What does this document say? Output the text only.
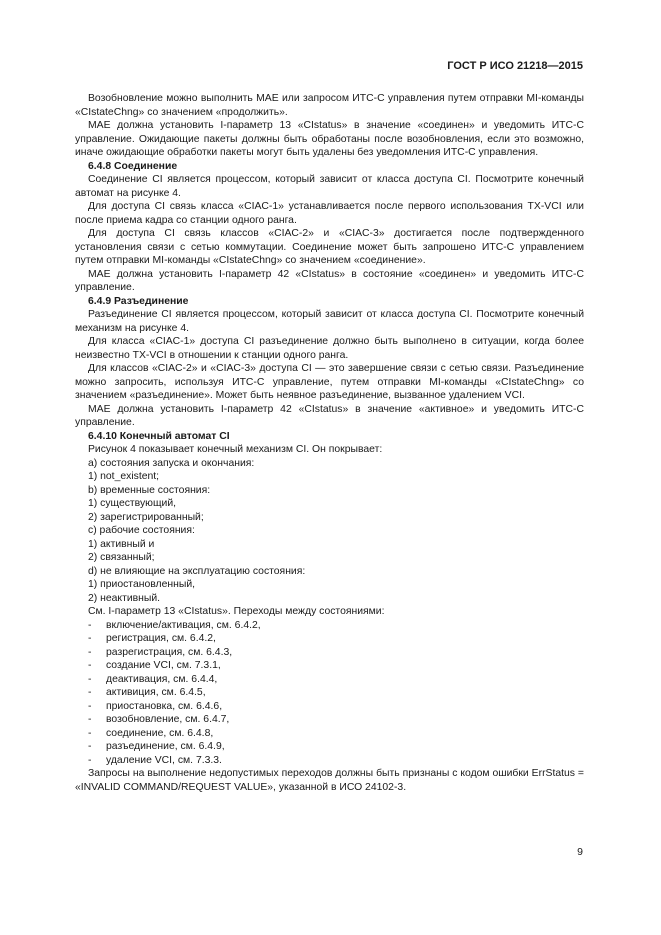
ГОСТ Р ИСО 21218—2015

Возобновление можно выполнить MAE или запросом ИТС-С управления путем отправки MI-команды «CIstateChng» со значением «продолжить».

MAE должна установить I-параметр 13 «CIstatus» в значение «соединен» и уведомить ИТС-С управление. Ожидающие пакеты должны быть обработаны после возобновления, если это возможно, иначе ожидающие обработки пакеты могут быть удалены без уведомления ИТС-С управления.

6.4.8 Соединение

Соединение CI является процессом, который зависит от класса доступа CI. Посмотрите конечный автомат на рисунке 4.

Для доступа CI связь класса «CIAC-1» устанавливается после первого использования TX-VCI или после приема кадра со станции одного ранга.

Для доступа CI связь классов «CIAC-2» и «CIAC-3» достигается после подтвержденного установления связи с сетью коммутации. Соединение может быть запрошено ИТС-С управлением путем отправки MI-команды «CIstateChng» со значением «соединение».

MAE должна установить I-параметр 42 «CIstatus» в состояние «соединен» и уведомить ИТС-С управление.

6.4.9 Разъединение

Разъединение CI является процессом, который зависит от класса доступа CI. Посмотрите конечный механизм на рисунке 4.

Для класса «CIAC-1» доступа CI разъединение должно быть выполнено в ситуации, когда более неизвестно TX-VCI в отношении к станции одного ранга.

Для классов «CIAC-2» и «CIAC-3» доступа CI — это завершение связи с сетью связи. Разъединение можно запросить, используя ИТС-С управление, путем отправки MI-команды «CIstateChng» со значением «разъединение». Может быть неявное разъединение, вызванное удалением VCI.

MAE должна установить I-параметр 42 «CIstatus» в значение «активное» и уведомить ИТС-С управление.

6.4.10 Конечный автомат CI

Рисунок 4 показывает конечный механизм CI. Он покрывает:

a) состояния запуска и окончания:

1) not_existent;

b) временные состояния:

1) существующий,

2) зарегистрированный;

c) рабочие состояния:

1) активный и

2) связанный;

d) не влияющие на эксплуатацию состояния:

1) приостановленный,

2) неактивный.

См. I-параметр 13 «CIstatus». Переходы между состояниями:

-	включение/активация, см. 6.4.2,

-	регистрация, см. 6.4.2,

-	разрегистрация, см. 6.4.3,

-	создание VCI, см. 7.3.1,

-	деактивация, см. 6.4.4,

-	активиция, см. 6.4.5,

-	приостановка, см. 6.4.6,

-	возобновление, см. 6.4.7,

-	соединение, см. 6.4.8,

-	разъединение, см. 6.4.9,

-	удаление VCI, см. 7.3.3.

Запросы на выполнение недопустимых переходов должны быть признаны с кодом ошибки ErrStatus = «INVALID COMMAND/REQUEST VALUE», указанной в ИСО 24102-3.

9
